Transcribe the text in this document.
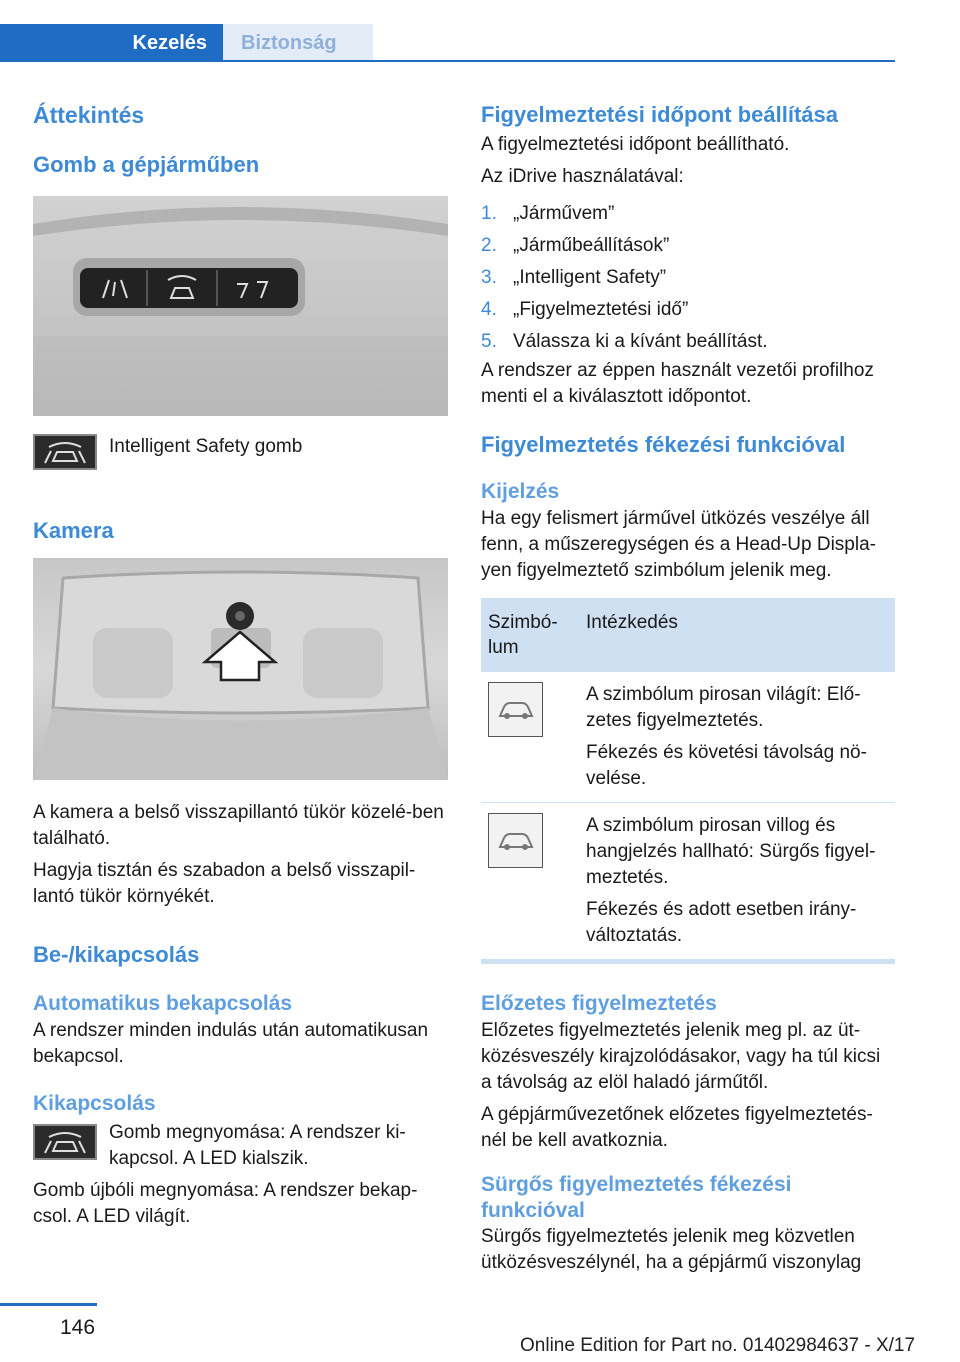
Kezelés	Biztonság
Áttekintés
Gomb a gépjárműben

Intelligent Safety gomb

Kamera

A kamera a belső visszapillantó tükör közelé-ben található.

Hagyja tisztán és szabadon a belső visszapil-lantó tükör környékét.

Be-/kikapcsolás
Automatikus bekapcsolás

A rendszer minden indulás után automatikusan bekapcsol.

Kikapcsolás

Gomb megnyomása: A rendszer ki-kapcsol. A LED kialszik.

Gomb újbóli megnyomása: A rendszer bekap-csol. A LED világít.

Figyelmeztetési időpont beállítása

A figyelmeztetési időpont beállítható.

Az iDrive használatával:

1. „Járművem”
2. „Járműbeállítások”
3. „Intelligent Safety”
4. „Figyelmeztetési idő”
5. Válassza ki a kívánt beállítást.

A rendszer az éppen használt vezetői profilhoz menti el a kiválasztott időpontot.

Figyelmeztetés fékezési funkcióval
Kijelzés

Ha egy felismert járművel ütközés veszélye áll fenn, a műszeregységen és a Head-Up Displa-yen figyelmeztető szimbólum jelenik meg.

Szimbó-lum
Intézkedés

A szimbólum pirosan világít: Elő-zetes figyelmeztetés.

Fékezés és követési távolság nö-velése.

A szimbólum pirosan villog és hangjelzés hallható: Sürgős figyel-meztetés.

Fékezés és adott esetben irány-változtatás.

Előzetes figyelmeztetés

Előzetes figyelmeztetés jelenik meg pl. az üt-közésveszély kirajzolódásakor, vagy ha túl kicsi a távolság az elöl haladó járműtől.

A gépjárművezetőnek előzetes figyelmeztetés-nél be kell avatkoznia.

Sürgős figyelmeztetés fékezési funkcióval

Sürgős figyelmeztetés jelenik meg közvetlen ütközésveszélynél, ha a gépjármű viszonylag

146
Online Edition for Part no. 01402984637 - X/17
